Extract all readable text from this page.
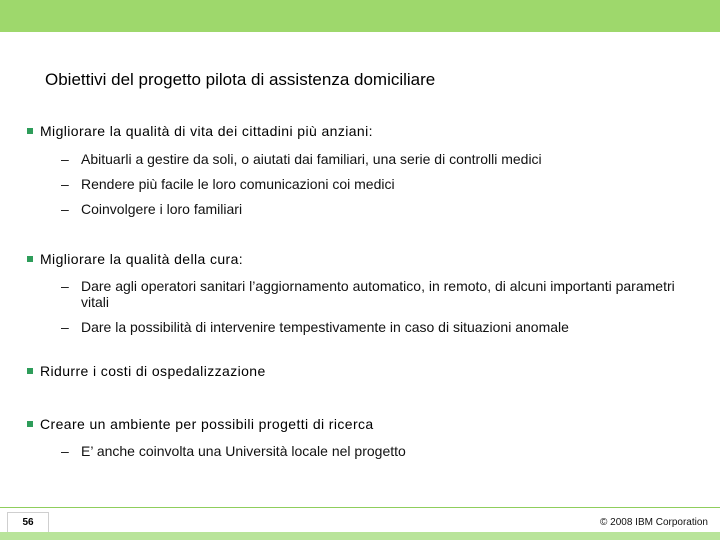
Obiettivi del progetto pilota di assistenza domiciliare
Migliorare la qualità di vita dei cittadini più anziani:
– Abituarli a gestire da soli, o aiutati dai familiari, una serie di controlli medici
– Rendere più facile le loro comunicazioni coi medici
– Coinvolgere i loro familiari
Migliorare la qualità della cura:
– Dare agli operatori sanitari l’aggiornamento automatico, in remoto, di alcuni importanti parametri vitali
– Dare la possibilità di intervenire tempestivamente in caso di situazioni anomale
Ridurre i costi di ospedalizzazione
Creare un ambiente per possibili progetti di ricerca
– E’ anche coinvolta una Università locale nel progetto
56	© 2008 IBM Corporation
